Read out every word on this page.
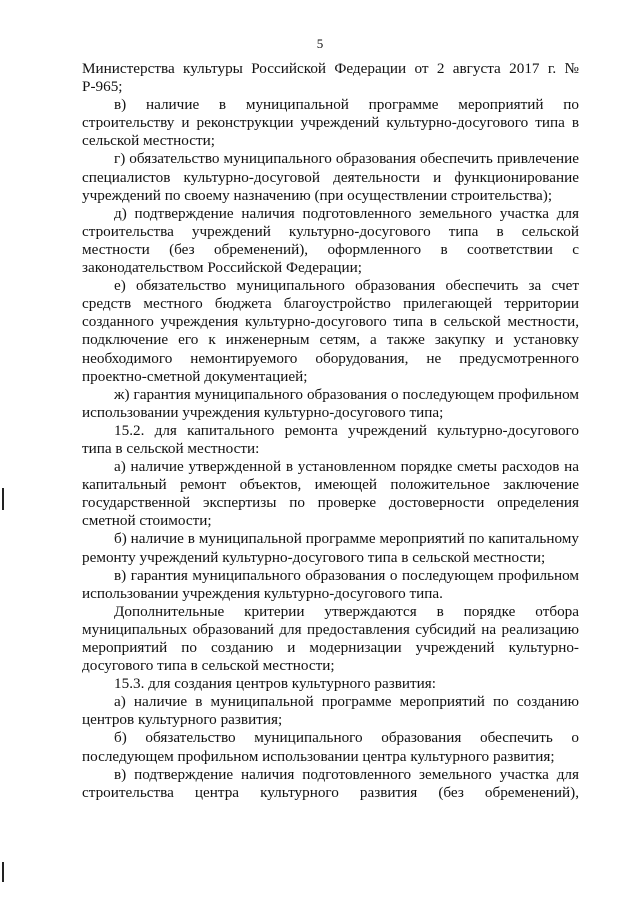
5

Министерства культуры Российской Федерации от 2 августа 2017 г. № Р-965;

в) наличие в муниципальной программе мероприятий по строительству и реконструкции учреждений культурно-досугового типа в сельской местности;

г) обязательство муниципального образования обеспечить привлечение специалистов культурно-досуговой деятельности и функционирование учреждений по своему назначению (при осуществлении строительства);

д) подтверждение наличия подготовленного земельного участка для строительства учреждений культурно-досугового типа в сельской местности (без обременений), оформленного в соответствии с законодательством Российской Федерации;

е) обязательство муниципального образования обеспечить за счет средств местного бюджета благоустройство прилегающей территории созданного учреждения культурно-досугового типа в сельской местности, подключение его к инженерным сетям, а также закупку и установку необходимого немонтируемого оборудования, не предусмотренного проектно-сметной документацией;

ж) гарантия муниципального образования о последующем профильном использовании учреждения культурно-досугового типа;

15.2. для капитального ремонта учреждений культурно-досугового типа в сельской местности:

а) наличие утвержденной в установленном порядке сметы расходов на капитальный ремонт объектов, имеющей положительное заключение государственной экспертизы по проверке достоверности определения сметной стоимости;

б) наличие в муниципальной программе мероприятий по капитальному ремонту учреждений культурно-досугового типа в сельской местности;

в) гарантия муниципального образования о последующем профильном использовании учреждения культурно-досугового типа.

Дополнительные критерии утверждаются в порядке отбора муниципальных образований для предоставления субсидий на реализацию мероприятий по созданию и модернизации учреждений культурно-досугового типа в сельской местности;

15.3. для создания центров культурного развития:

а) наличие в муниципальной программе мероприятий по созданию центров культурного развития;

б) обязательство муниципального образования обеспечить о последующем профильном использовании центра культурного развития;

в) подтверждение наличия подготовленного земельного участка для строительства центра культурного развития (без обременений),
